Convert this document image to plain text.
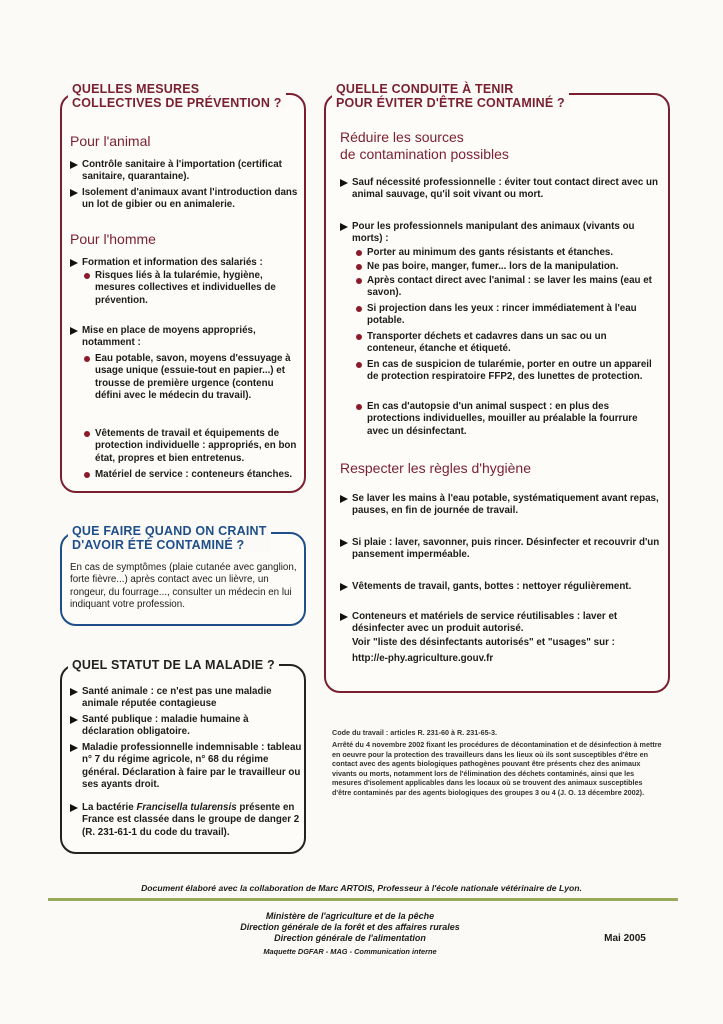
QUELLES MESURES
COLLECTIVES DE PRÉVENTION ?
Pour l'animal
Contrôle sanitaire à l'importation (certificat sanitaire, quarantaine).
Isolement d'animaux avant l'introduction dans un lot de gibier ou en animalerie.
Pour l'homme
Formation et information des salariés :
Risques liés à la tularémie, hygiène, mesures collectives et individuelles de prévention.
Mise en place de moyens appropriés, notamment :
Eau potable, savon, moyens d'essuyage à usage unique (essuie-tout en papier...) et trousse de première urgence (contenu défini avec le médecin du travail).
Vêtements de travail et équipements de protection individuelle : appropriés, en bon état, propres et bien entretenus.
Matériel de service : conteneurs étanches.
QUE FAIRE QUAND ON CRAINT
D'AVOIR ÉTÉ CONTAMINÉ ?
En cas de symptômes (plaie cutanée avec ganglion, forte fièvre...) après contact avec un lièvre, un rongeur, du fourrage..., consulter un médecin en lui indiquant votre profession.
QUEL STATUT DE LA MALADIE ?
Santé animale : ce n'est pas une maladie animale réputée contagieuse
Santé publique : maladie humaine à déclaration obligatoire.
Maladie professionnelle indemnisable : tableau n° 7 du régime agricole, n° 68 du régime général. Déclaration à faire par le travailleur ou ses ayants droit.
La bactérie Francisella tularensis présente en France est classée dans le groupe de danger 2 (R. 231-61-1 du code du travail).
QUELLE CONDUITE À TENIR
POUR ÉVITER D'ÊTRE CONTAMINÉ ?
Réduire les sources
de contamination possibles
Sauf nécessité professionnelle : éviter tout contact direct avec un animal sauvage, qu'il soit vivant ou mort.
Pour les professionnels manipulant des animaux (vivants ou morts) :
Porter au minimum des gants résistants et étanches.
Ne pas boire, manger, fumer... lors de la manipulation.
Après contact direct avec l'animal : se laver les mains (eau et savon).
Si projection dans les yeux : rincer immédiatement à l'eau potable.
Transporter déchets et cadavres dans un sac ou un conteneur, étanche et étiqueté.
En cas de suspicion de tularémie, porter en outre un appareil de protection respiratoire FFP2, des lunettes de protection.
En cas d'autopsie d'un animal suspect : en plus des protections individuelles, mouiller au préalable la fourrure avec un désinfectant.
Respecter les règles d'hygiène
Se laver les mains à l'eau potable, systématiquement avant repas, pauses, en fin de journée de travail.
Si plaie : laver, savonner, puis rincer. Désinfecter et recouvrir d'un pansement imperméable.
Vêtements de travail, gants, bottes : nettoyer régulièrement.
Conteneurs et matériels de service réutilisables : laver et désinfecter avec un produit autorisé.
Voir "liste des désinfectants autorisés" et "usages" sur :
http://e-phy.agriculture.gouv.fr
Code du travail : articles R. 231-60 à R. 231-65-3.
Arrêté du 4 novembre 2002 fixant les procédures de décontamination et de désinfection à mettre en oeuvre pour la protection des travailleurs dans les lieux où ils sont susceptibles d'être en contact avec des agents biologiques pathogènes pouvant être présents chez des animaux vivants ou morts, notamment lors de l'élimination des déchets contaminés, ainsi que les mesures d'isolement applicables dans les locaux où se trouvent des animaux susceptibles d'être contaminés par des agents biologiques des groupes 3 ou 4 (J. O. 13 décembre 2002).
Document élaboré avec la collaboration de Marc ARTOIS, Professeur à l'école nationale vétérinaire de Lyon.
Ministère de l'agriculture et de la pêche
Direction générale de la forêt et des affaires rurales
Direction générale de l'alimentation
Maquette DGFAR - MAG - Communication interne
Mai 2005
